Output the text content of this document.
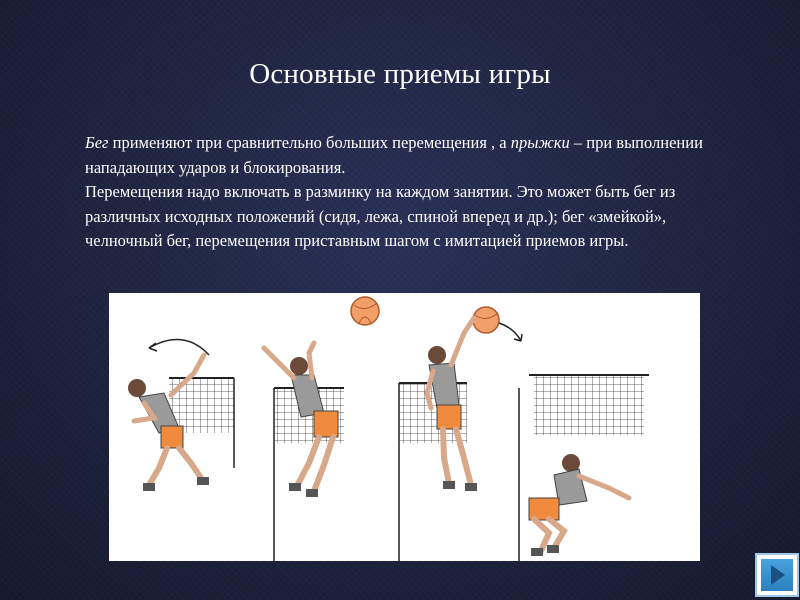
Основные приемы игры

Бег применяют при сравнительно больших перемещения , а прыжки – при выполнении нападающих ударов и блокирования.

Перемещения надо включать в разминку на каждом занятии. Это может быть бег из различных исходных положений (сидя, лежа, спиной вперед и др.); бег «змейкой», челночный бег, перемещения приставным шагом с имитацией приемов игры.
